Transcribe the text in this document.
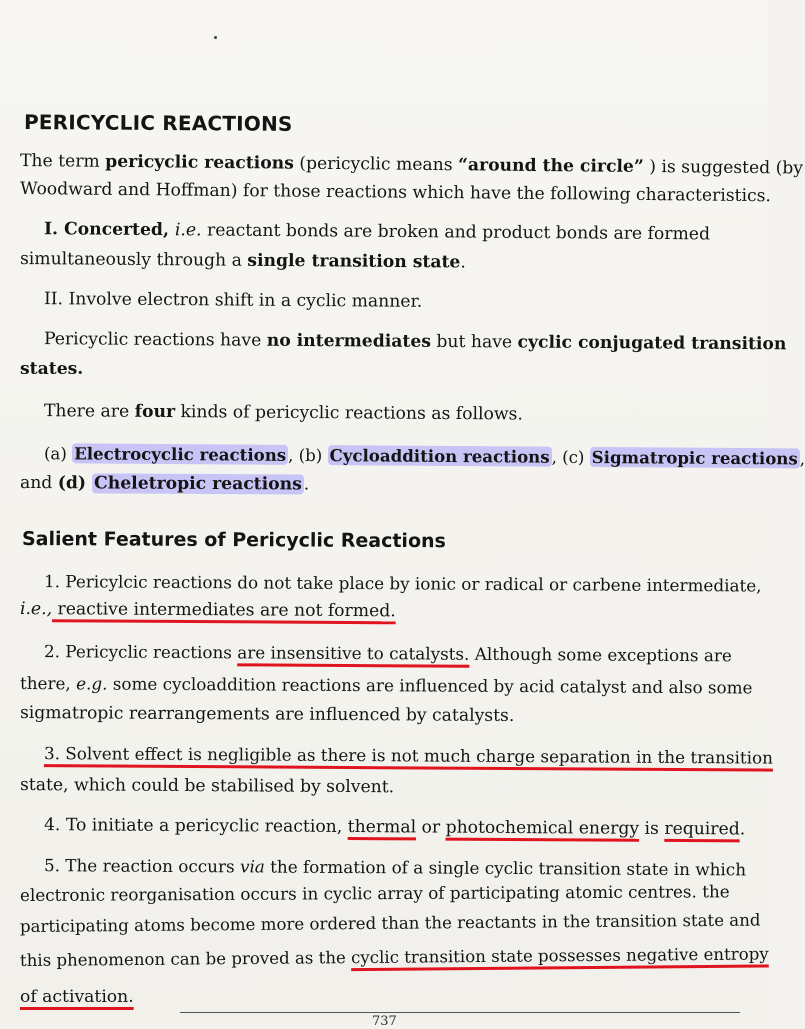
PERICYCLIC REACTIONS
The term pericyclic reactions (pericyclic means “around the circle” ) is suggested (by
Woodward and Hoffman) for those reactions which have the following characteristics.
I. Concerted, i.e. reactant bonds are broken and product bonds are formed
simultaneously through a single transition state.
II. Involve electron shift in a cyclic manner.
Pericyclic reactions have no intermediates but have cyclic conjugated transition
states.
There are four kinds of pericyclic reactions as follows.
(a) Electrocyclic reactions , (b) Cycloaddition reactions , (c) Sigmatropic reactions ,
and (d) Cheletropic reactions .
Salient Features of Pericyclic Reactions
1. Pericylcic reactions do not take place by ionic or radical or carbene intermediate,
i.e., reactive intermediates are not formed.
2. Pericyclic reactions are insensitive to catalysts. Although some exceptions are
there, e.g. some cycloaddition reactions are influenced by acid catalyst and also some
sigmatropic rearrangements are influenced by catalysts.
3. Solvent effect is negligible as there is not much charge separation in the transition
state, which could be stabilised by solvent.
4. To initiate a pericyclic reaction, thermal or photochemical energy is required.
5. The reaction occurs via the formation of a single cyclic transition state in which
electronic reorganisation occurs in cyclic array of participating atomic centres. the
participating atoms become more ordered than the reactants in the transition state and
this phenomenon can be proved as the cyclic transition state possesses negative entropy
of activation.
737
